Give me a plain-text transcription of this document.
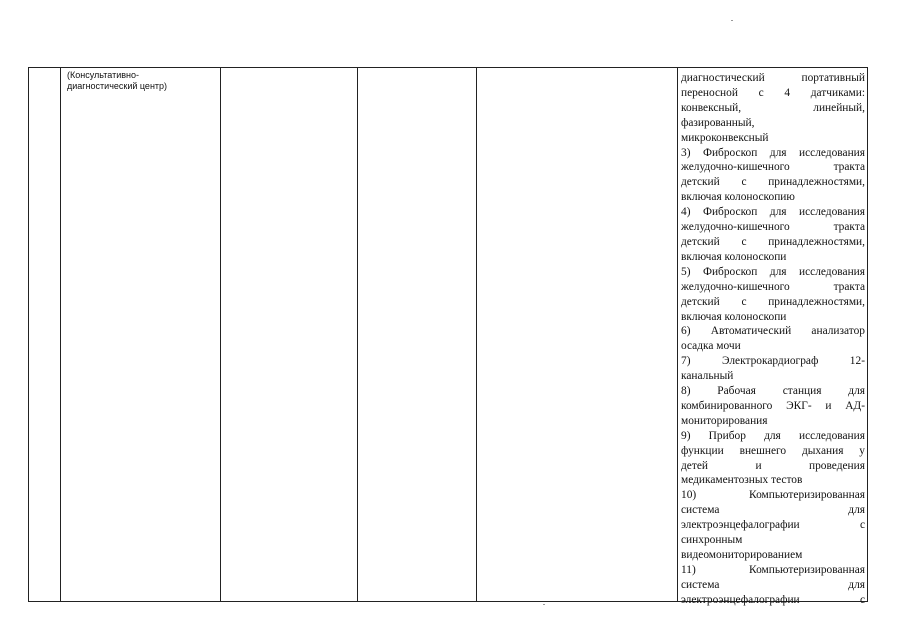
(Консультативно-
диагностический центр)
диагностический портативный
переносной с 4 датчиками:
конвексный, линейный,
фазированный,
микроконвексный
3) Фиброскоп для исследования
желудочно-кишечного тракта
детский с принадлежностями,
включая колоноскопию
4) Фиброскоп для исследования
желудочно-кишечного тракта
детский с принадлежностями,
включая колоноскопи
5) Фиброскоп для исследования
желудочно-кишечного тракта
детский с принадлежностями,
включая колоноскопи
6) Автоматический анализатор
осадка мочи
7) Электрокардиограф 12-
канальный
8) Рабочая станция для
комбинированного ЭКГ- и АД-
мониторирования
9) Прибор для исследования
функции внешнего дыхания у
детей и проведения
медикаментозных тестов
10) Компьютеризированная
система для
электроэнцефалографии с
синхронным
видеомониторированием
11) Компьютеризированная
система для
электроэнцефалографии с
